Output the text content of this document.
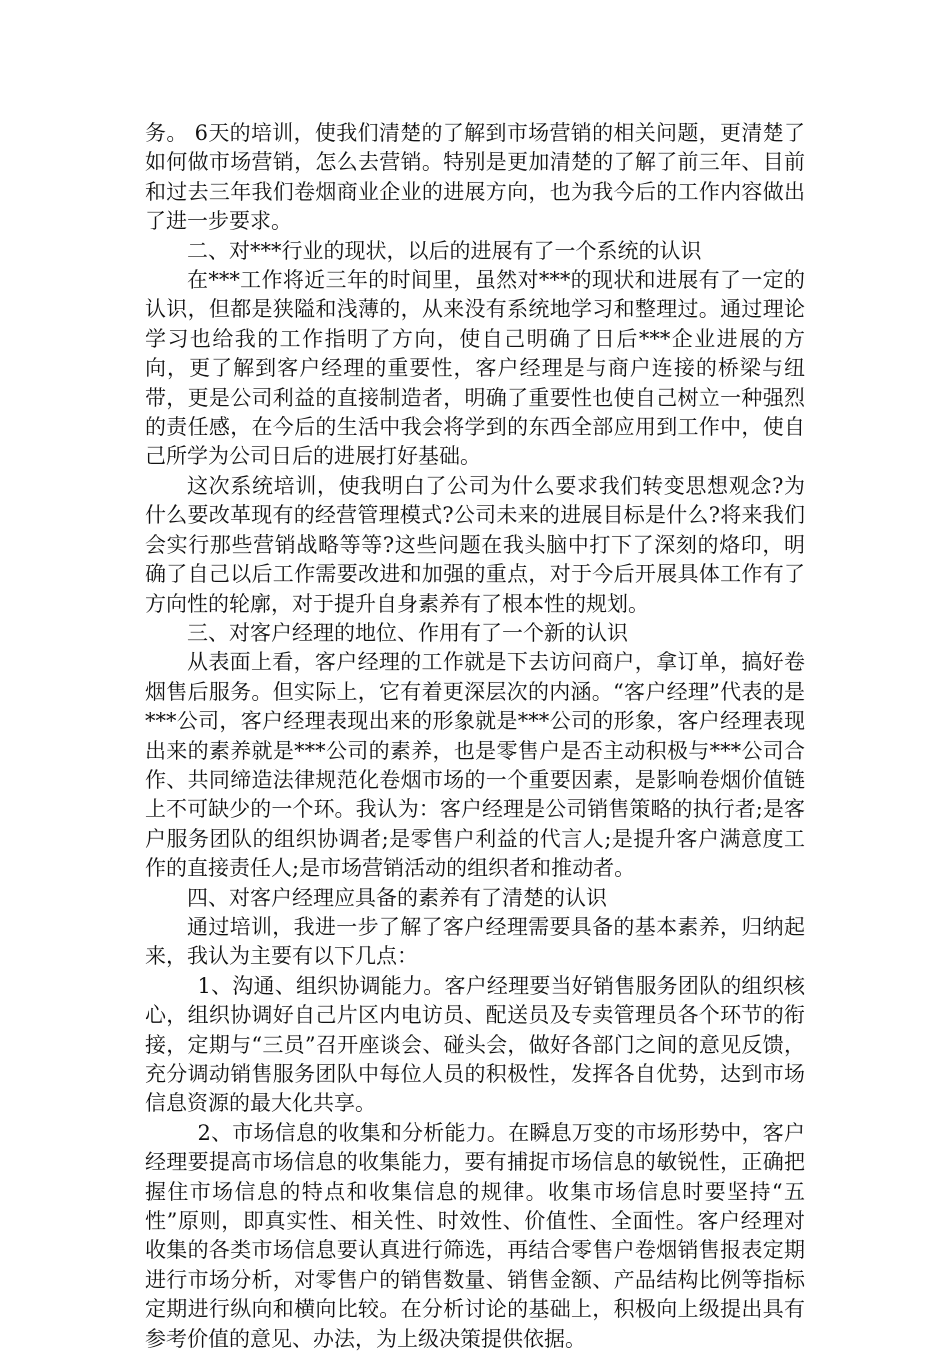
务。 6天的培训，使我们清楚的了解到市场营销的相关问题，更清楚了如何做市场营销，怎么去营销。特别是更加清楚的了解了前三年、目前和过去三年我们卷烟商业企业的进展方向，也为我今后的工作内容做出了进一步要求。

二、对***行业的现状，以后的进展有了一个系统的认识

在***工作将近三年的时间里，虽然对***的现状和进展有了一定的认识，但都是狭隘和浅薄的，从来没有系统地学习和整理过。通过理论学习也给我的工作指明了方向，使自己明确了日后***企业进展的方向，更了解到客户经理的重要性，客户经理是与商户连接的桥梁与纽带，更是公司利益的直接制造者，明确了重要性也使自己树立一种强烈的责任感，在今后的生活中我会将学到的东西全部应用到工作中，使自己所学为公司日后的进展打好基础。

这次系统培训，使我明白了公司为什么要求我们转变思想观念?为什么要改革现有的经营管理模式?公司未来的进展目标是什么?将来我们会实行那些营销战略等等?这些问题在我头脑中打下了深刻的烙印，明确了自己以后工作需要改进和加强的重点，对于今后开展具体工作有了方向性的轮廓，对于提升自身素养有了根本性的规划。

三、对客户经理的地位、作用有了一个新的认识

从表面上看，客户经理的工作就是下去访问商户，拿订单，搞好卷烟售后服务。但实际上，它有着更深层次的内涵。“客户经理”代表的是***公司，客户经理表现出来的形象就是***公司的形象，客户经理表现出来的素养就是***公司的素养，也是零售户是否主动积极与***公司合作、共同缔造法律规范化卷烟市场的一个重要因素，是影响卷烟价值链上不可缺少的一个环。我认为：客户经理是公司销售策略的执行者;是客户服务团队的组织协调者;是零售户利益的代言人;是提升客户满意度工作的直接责任人;是市场营销活动的组织者和推动者。

四、对客户经理应具备的素养有了清楚的认识

通过培训，我进一步了解了客户经理需要具备的基本素养，归纳起来，我认为主要有以下几点：

1、沟通、组织协调能力。客户经理要当好销售服务团队的组织核心，组织协调好自己片区内电访员、配送员及专卖管理员各个环节的衔接，定期与“三员”召开座谈会、碰头会，做好各部门之间的意见反馈，充分调动销售服务团队中每位人员的积极性，发挥各自优势，达到市场信息资源的最大化共享。

2、市场信息的收集和分析能力。在瞬息万变的市场形势中，客户经理要提高市场信息的收集能力，要有捕捉市场信息的敏锐性，正确把握住市场信息的特点和收集信息的规律。收集市场信息时要坚持“五性”原则，即真实性、相关性、时效性、价值性、全面性。客户经理对收集的各类市场信息要认真进行筛选，再结合零售户卷烟销售报表定期进行市场分析，对零售户的销售数量、销售金额、产品结构比例等指标定期进行纵向和横向比较。在分析讨论的基础上，积极向上级提出具有参考价值的意见、办法，为上级决策提供依据。
